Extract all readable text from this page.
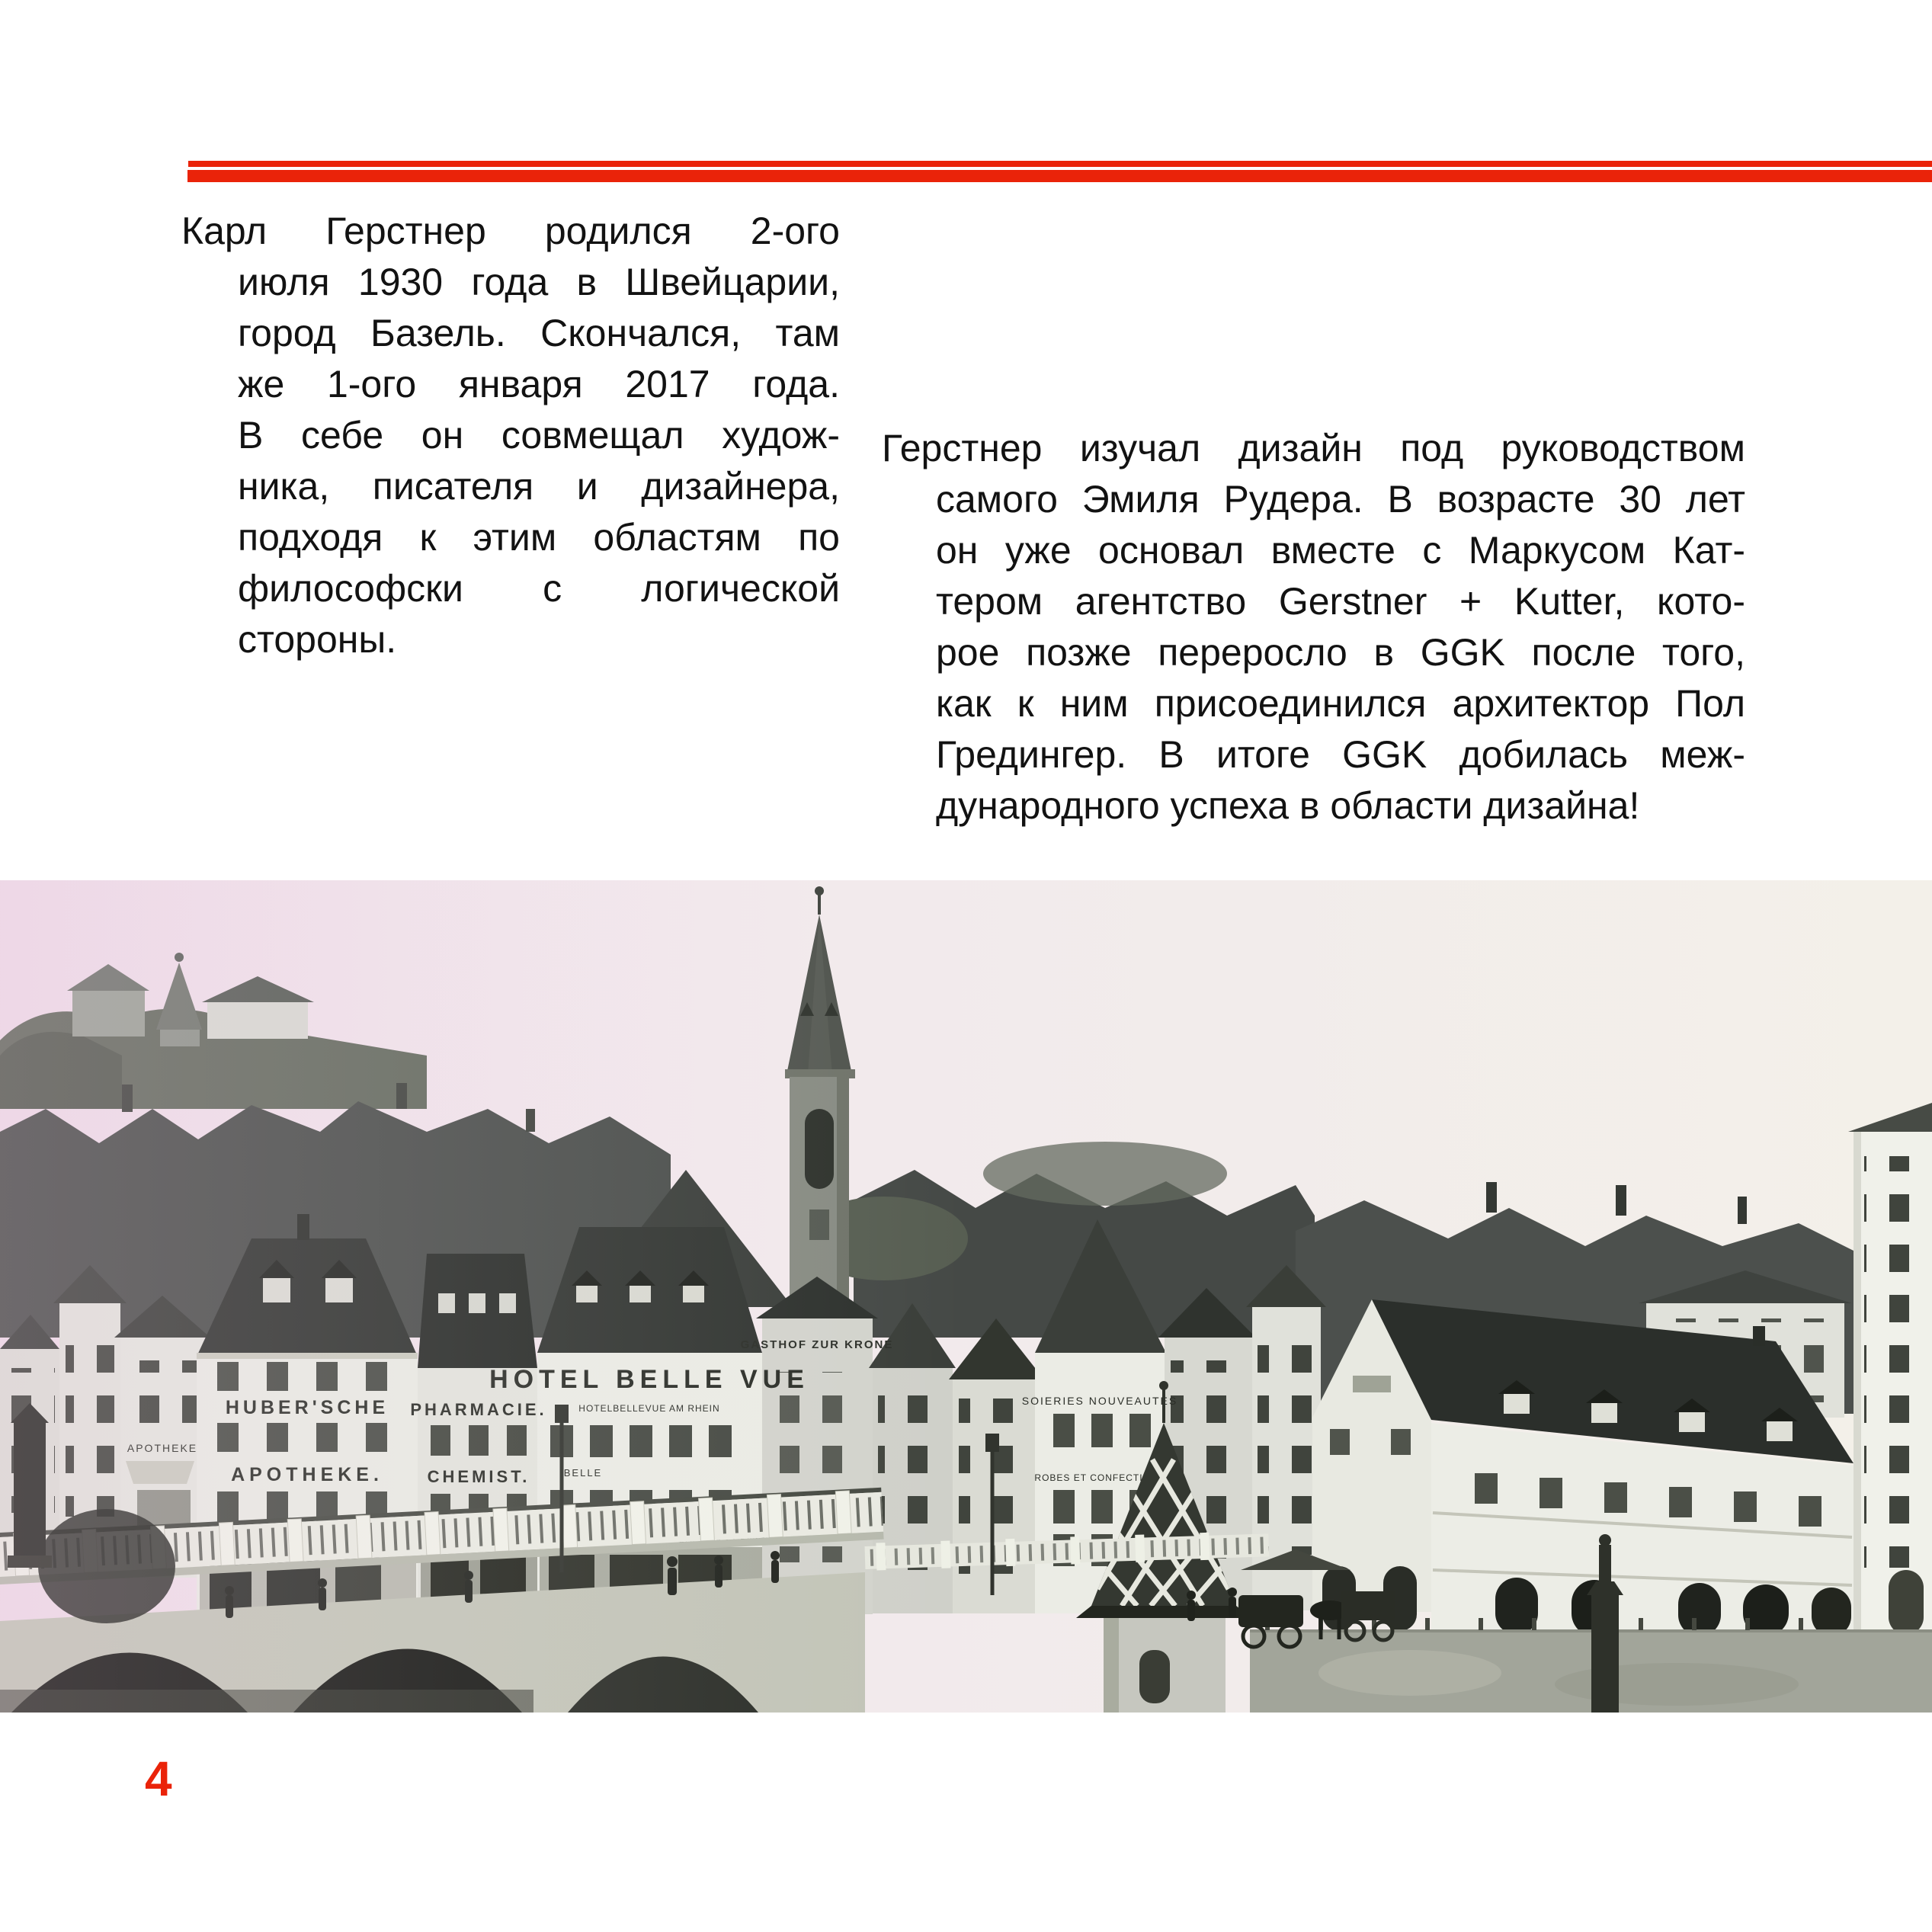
Карл Герстнер родился 2-ого
июля 1930 года в Швейцарии,
город Базель. Скончался, там
же 1-ого января 2017 года.
В себе он совмещал худож-
ника, писателя и дизайнера,
подходя к этим областям по
философски с логической
стороны.
Герстнер изучал дизайн под руководством
самого Эмиля Рудера. В возрасте 30 лет
он уже основал вместе с Маркусом Кат-
тером агентство Gerstner + Kutter, кото-
рое позже переросло в GGK после того,
как к ним присоединился архитектор Пол
Гредингер. В итоге GGK добилась меж-
дународного успеха в области дизайна!
4
